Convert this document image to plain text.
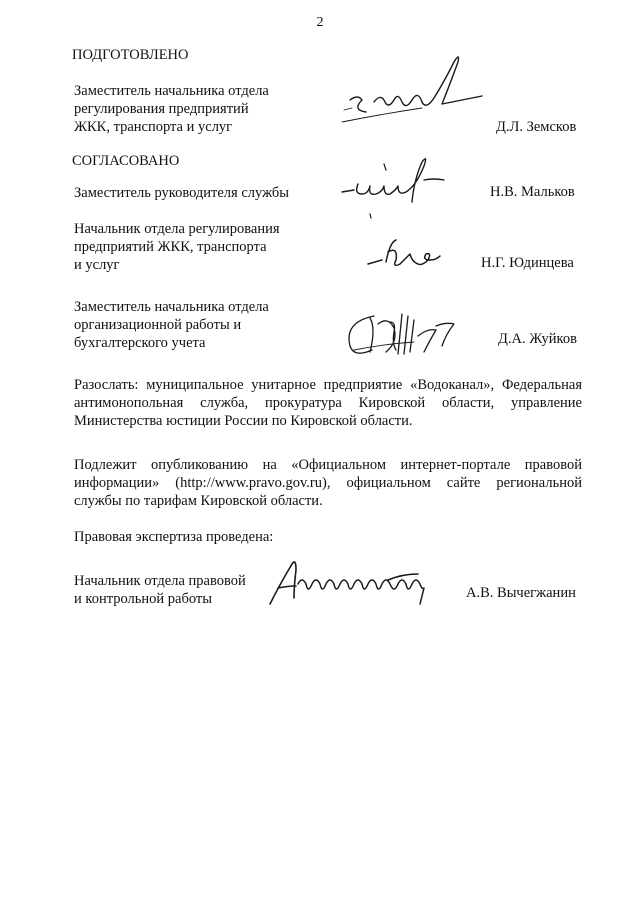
2
ПОДГОТОВЛЕНО
Заместитель начальника отдела
регулирования предприятий
ЖКК, транспорта и услуг	Д.Л. Земсков
СОГЛАСОВАНО
Заместитель руководителя службы	Н.В. Мальков
Начальник отдела регулирования
предприятий ЖКК, транспорта
и услуг	Н.Г. Юдинцева
Заместитель начальника отдела
организационной работы и
бухгалтерского учета	Д.А. Жуйков
Разослать: муниципальное унитарное предприятие «Водоканал», Федеральная антимонопольная служба, прокуратура Кировской области, управление Министерства юстиции России по Кировской области.
Подлежит опубликованию на «Официальном интернет-портале правовой информации» (http://www.pravo.gov.ru), официальном сайте региональной службы по тарифам Кировской области.
Правовая экспертиза проведена:
Начальник отдела правовой
и контрольной работы	А.В. Вычегжанин
